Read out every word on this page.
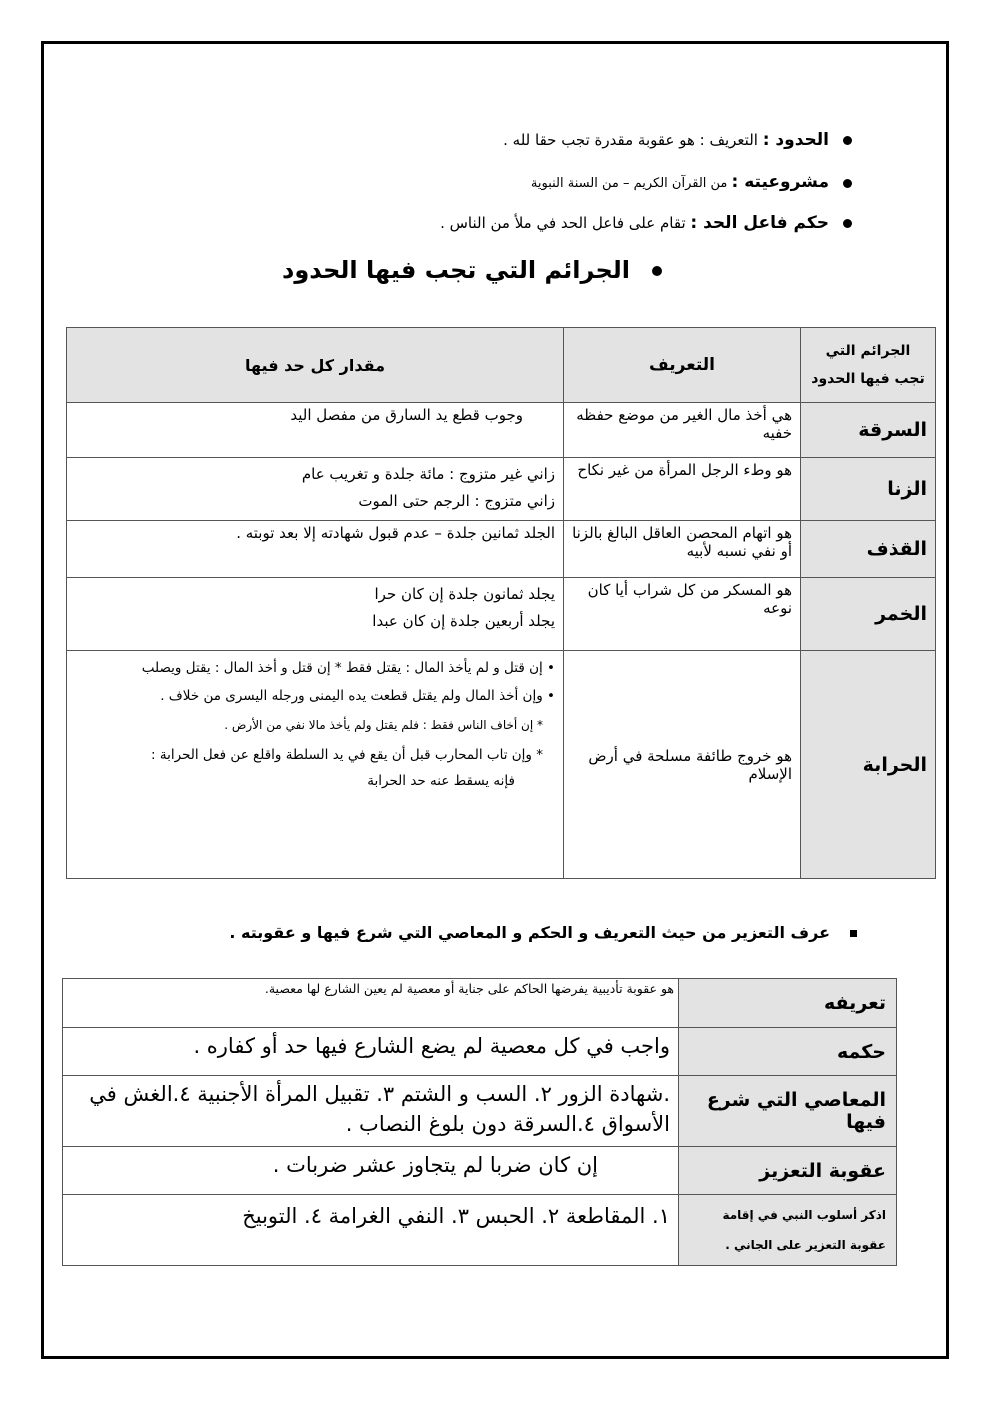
الحدود : التعريف : هو عقوبة مقدرة تجب حقا لله .
مشروعيته : من القرآن الكريم – من السنة النبوية
حكم فاعل الحد : تقام على فاعل الحد في ملأ من الناس .
الجرائم التي تجب فيها الحدود
الجرائم التي تجب فيها الحدود	التعريف	مقدار كل حد فيها
السرقة	هي أخذ مال الغير من موضع حفظه خفيه	وجوب قطع يد السارق من مفصل اليد

الزنا	هو وطء الرجل المرأة من غير نكاح	زاني غير متزوج : مائة جلدة و تغريب عام
زاني متزوج : الرجم حتى الموت

القذف	هو اتهام المحصن العاقل البالغ بالزنا أو نفي نسبه لأبيه	الجلد ثمانين جلدة – عدم قبول شهادته إلا بعد توبته .

الخمر	هو المسكر من كل شراب أيا كان نوعه	يجلد ثمانون جلدة إن كان حرا
يجلد أربعين جلدة إن كان عبدا

الحرابة	هو خروج طائفة مسلحة في أرض الإسلام	• إن قتل و لم يأخذ المال : يقتل فقط * إن قتل و أخذ المال : يقتل ويصلب
• وإن أخذ المال ولم يقتل قطعت يده اليمنى ورجله اليسرى من خلاف .
* إن أخاف الناس فقط : فلم يقتل ولم يأخذ مالا نفي من الأرض .
* وإن تاب المحارب قبل أن يقع في يد السلطة واقلع عن فعل الحرابة :
فإنه يسقط عنه حد الحرابة
عرف التعزير من حيث التعريف و الحكم و المعاصي التي شرع فيها و عقوبته .
تعريفه	هو عقوبة تأديبية يفرضها الحاكم على جناية أو معصية لم يعين الشارع لها معصية.
حكمه	واجب في كل معصية لم يضع الشارع فيها حد أو كفاره .
المعاصي التي شرع فيها	.شهادة الزور ٢. السب و الشتم ٣. تقبيل المرأة الأجنبية ٤.الغش في الأسواق ٤.السرقة دون بلوغ النصاب .
عقوبة التعزيز	إن كان ضربا لم يتجاوز عشر ضربات .
اذكر أسلوب النبي في إقامة عقوبة التعزير على الجاني .	١. المقاطعة ٢. الحبس ٣. النفي الغرامة ٤. التوبيخ
